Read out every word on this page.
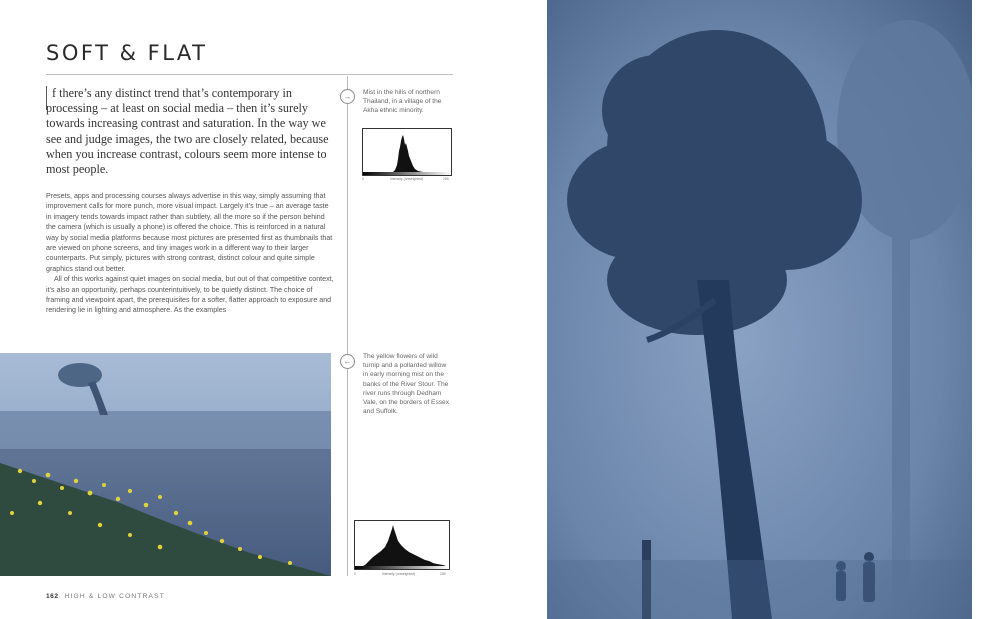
SOFT & FLAT

f there’s any distinct trend that’s contemporary in processing – at least on social media – then it’s surely towards increasing contrast and saturation. In the way we see and judge images, the two are closely related, because when you increase contrast, colours seem more intense to most people.

Presets, apps and processing courses always advertise in this way, simply assuming that improvement calls for more punch, more visual impact. Largely it’s true – an average taste in imagery tends towards impact rather than subtlety, all the more so if the person behind the camera (which is usually a phone) is offered the choice. This is reinforced in a natural way by social media platforms because most pictures are presented first as thumbnails that are viewed on phone screens, and tiny images work in a different way to their larger counterparts. Put simply, pictures with strong contrast, distinct colour and quite simple graphics stand out better.

All of this works against quiet images on social media, but out of that competitive context, it’s also an opportunity, perhaps counterintuitively, to be quietly distinct. The choice of framing and viewpoint apart, the prerequisites for a softer, flatter approach to exposure and rendering lie in lighting and atmosphere. As the examples

→	Mist in the hills of northern Thailand, in a village of the Akha ethnic minority.
0	Intensity (unweighted)	255
←
The yellow flowers of wild turnip and a pollarded willow in early morning mist on the banks of the River Stour. The river runs through Dedham Vale, on the borders of Essex and Suffolk.
0	Intensity (unweighted)	255
162 HIGH & LOW CONTRAST
